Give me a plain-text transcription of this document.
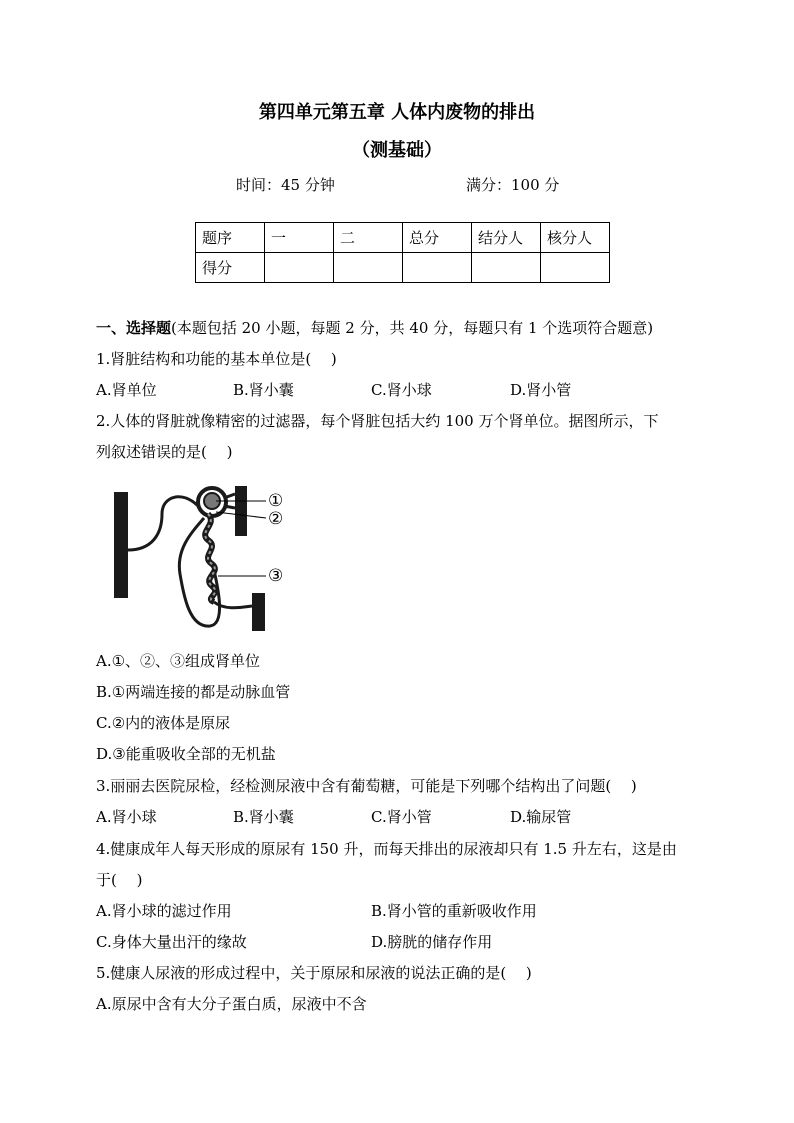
第四单元第五章 人体内废物的排出
（测基础）
时间：45 分钟	满分：100 分
题序	一	二	总分	结分人	核分人
得分					
一、选择题(本题包括 20 小题，每题 2 分，共 40 分，每题只有 1 个选项符合题意)
1.肾脏结构和功能的基本单位是(　 )
A.肾单位	B.肾小囊	C.肾小球	D.肾小管
2.人体的肾脏就像精密的过滤器，每个肾脏包括大约 100 万个肾单位。据图所示，下
列叙述错误的是(　 )
①
②
③
A.①、②、③组成肾单位
B.①两端连接的都是动脉血管
C.②内的液体是原尿
D.③能重吸收全部的无机盐
3.丽丽去医院尿检，经检测尿液中含有葡萄糖，可能是下列哪个结构出了问题(　 )
A.肾小球	B.肾小囊	C.肾小管	D.输尿管
4.健康成年人每天形成的原尿有 150 升，而每天排出的尿液却只有 1.5 升左右，这是由
于(　 )
A.肾小球的滤过作用	B.肾小管的重新吸收作用
C.身体大量出汗的缘故	D.膀胱的储存作用
5.健康人尿液的形成过程中，关于原尿和尿液的说法正确的是(　 )
A.原尿中含有大分子蛋白质，尿液中不含
